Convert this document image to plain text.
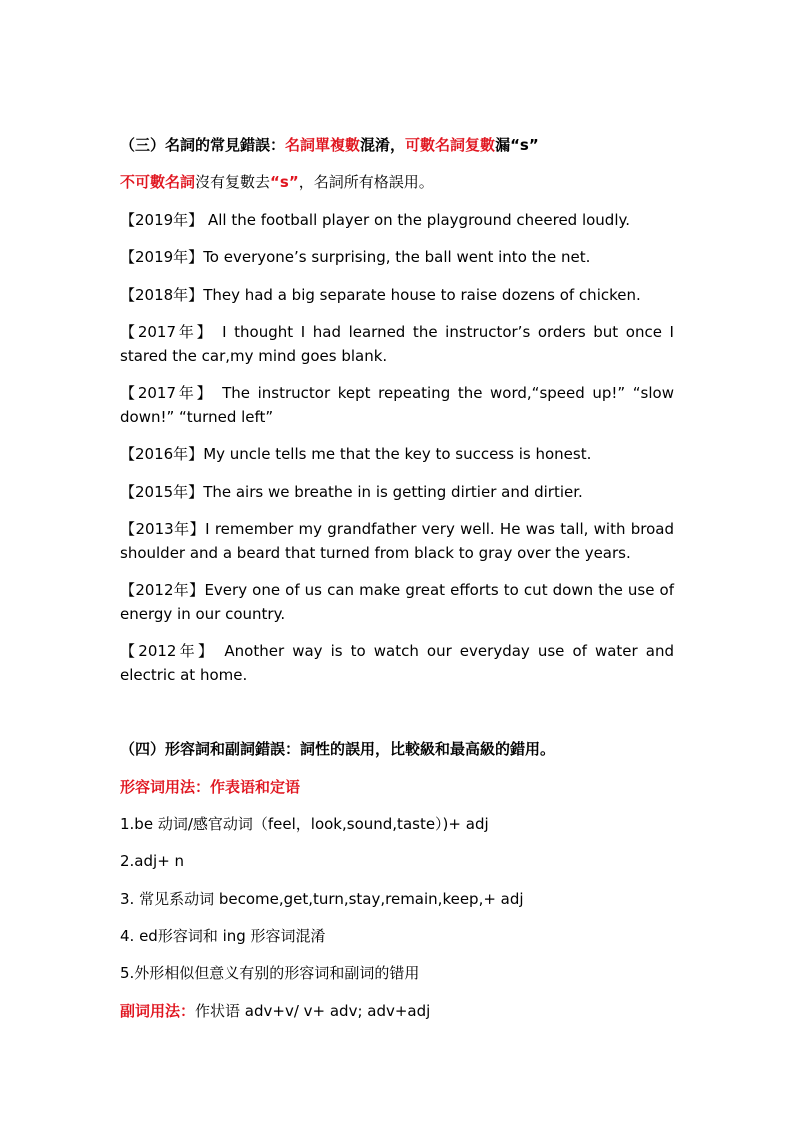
（三）名詞的常見錯誤：名詞單複數混淆，可數名詞复數漏“s”
不可數名詞沒有复數去“s”，名詞所有格誤用。
【2019年】 All the football player on the playground cheered loudly.
【2019年】To everyone’s surprising, the ball went into the net.
【2018年】They had a big separate house to raise dozens of chicken.
【2017年】 I thought I had learned the instructor’s orders but once I
stared the car,my mind goes blank.
【2017年】 The instructor kept repeating the word,“speed up!” “slow
down!” “turned left”
【2016年】My uncle tells me that the key to success is honest.
【2015年】The airs we breathe in is getting dirtier and dirtier.
【2013年】I remember my grandfather very well. He was tall, with broad
shoulder and a beard that turned from black to gray over the years.
【2012年】Every one of us can make great efforts to cut down the use of
energy in our country.
【2012年】 Another way is to watch our everyday use of water and
electric at home.
（四）形容詞和副詞錯誤：詞性的誤用，比較級和最高級的錯用。
形容词用法：作表语和定语
1.be 动词/感官动词（feel，look,sound,taste）)+ adj
2.adj+ n
3. 常见系动词 become,get,turn,stay,remain,keep,+ adj
4. ed形容词和 ing 形容词混淆
5.外形相似但意义有别的形容词和副词的错用
副词用法：作状语 adv+v/ v+ adv; adv+adj
